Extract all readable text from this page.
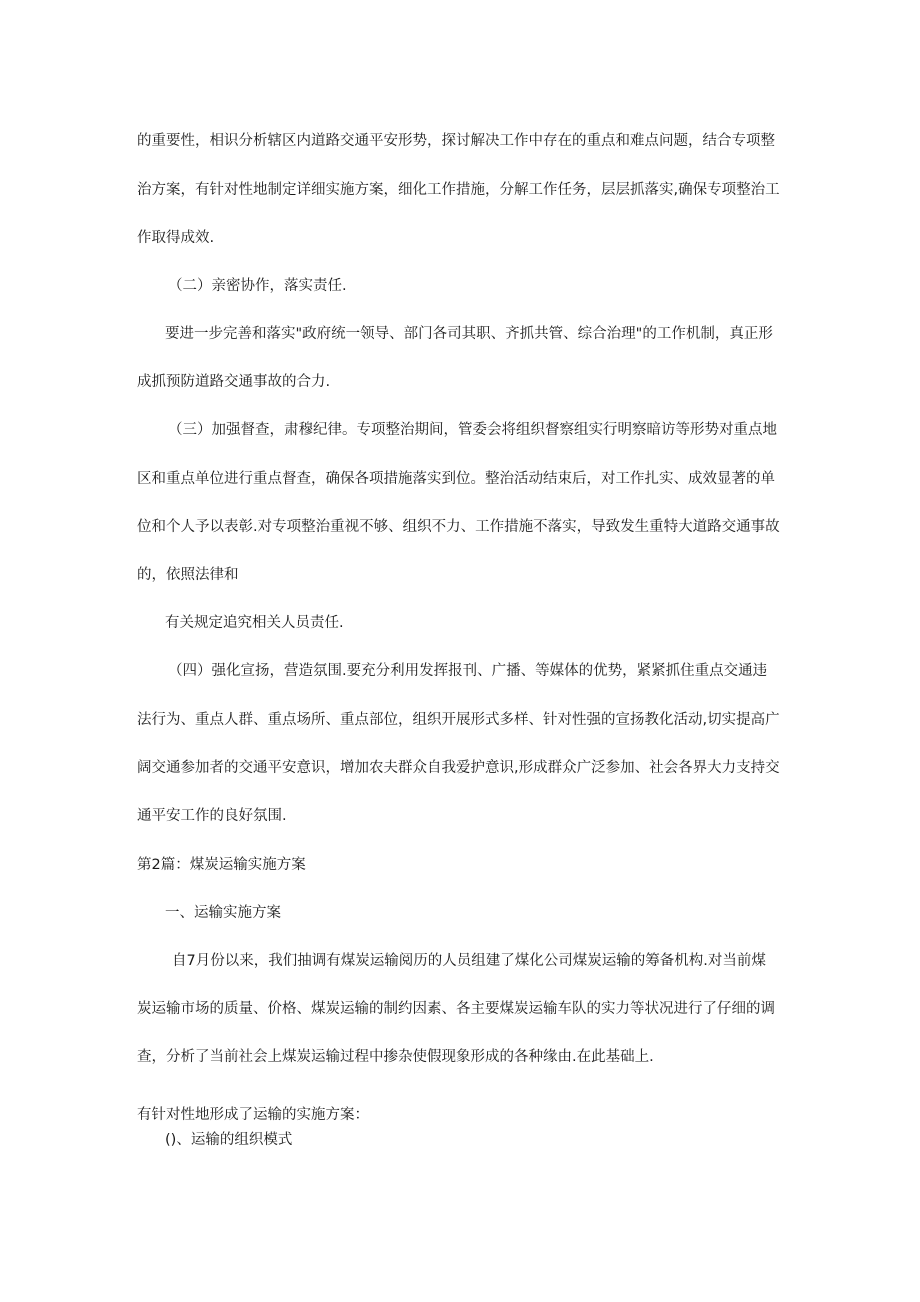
的重要性，相识分析辖区内道路交通平安形势，探讨解决工作中存在的重点和难点问题，结合专项整
治方案，有针对性地制定详细实施方案，细化工作措施，分解工作任务，层层抓落实,确保专项整治工
作取得成效.
（二）亲密协作，落实责任.
要进一步完善和落实"政府统一领导、部门各司其职、齐抓共管、综合治理"的工作机制，真正形
成抓预防道路交通事故的合力.
（三）加强督查，肃穆纪律。专项整治期间，管委会将组织督察组实行明察暗访等形势对重点地
区和重点单位进行重点督查，确保各项措施落实到位。整治活动结束后，对工作扎实、成效显著的单
位和个人予以表彰.对专项整治重视不够、组织不力、工作措施不落实，导致发生重特大道路交通事故
的，依照法律和
有关规定追究相关人员责任.
（四）强化宣扬，营造氛围.要充分利用发挥报刊、广播、等媒体的优势，紧紧抓住重点交通违
法行为、重点人群、重点场所、重点部位，组织开展形式多样、针对性强的宣扬教化活动,切实提高广
阔交通参加者的交通平安意识，增加农夫群众自我爱护意识,形成群众广泛参加、社会各界大力支持交
通平安工作的良好氛围.
第2篇：煤炭运输实施方案
一、运输实施方案
自7月份以来，我们抽调有煤炭运输阅历的人员组建了煤化公司煤炭运输的筹备机构.对当前煤
炭运输市场的质量、价格、煤炭运输的制约因素、各主要煤炭运输车队的实力等状况进行了仔细的调
查，分析了当前社会上煤炭运输过程中掺杂使假现象形成的各种缘由.在此基础上.
有针对性地形成了运输的实施方案：
()、运输的组织模式
